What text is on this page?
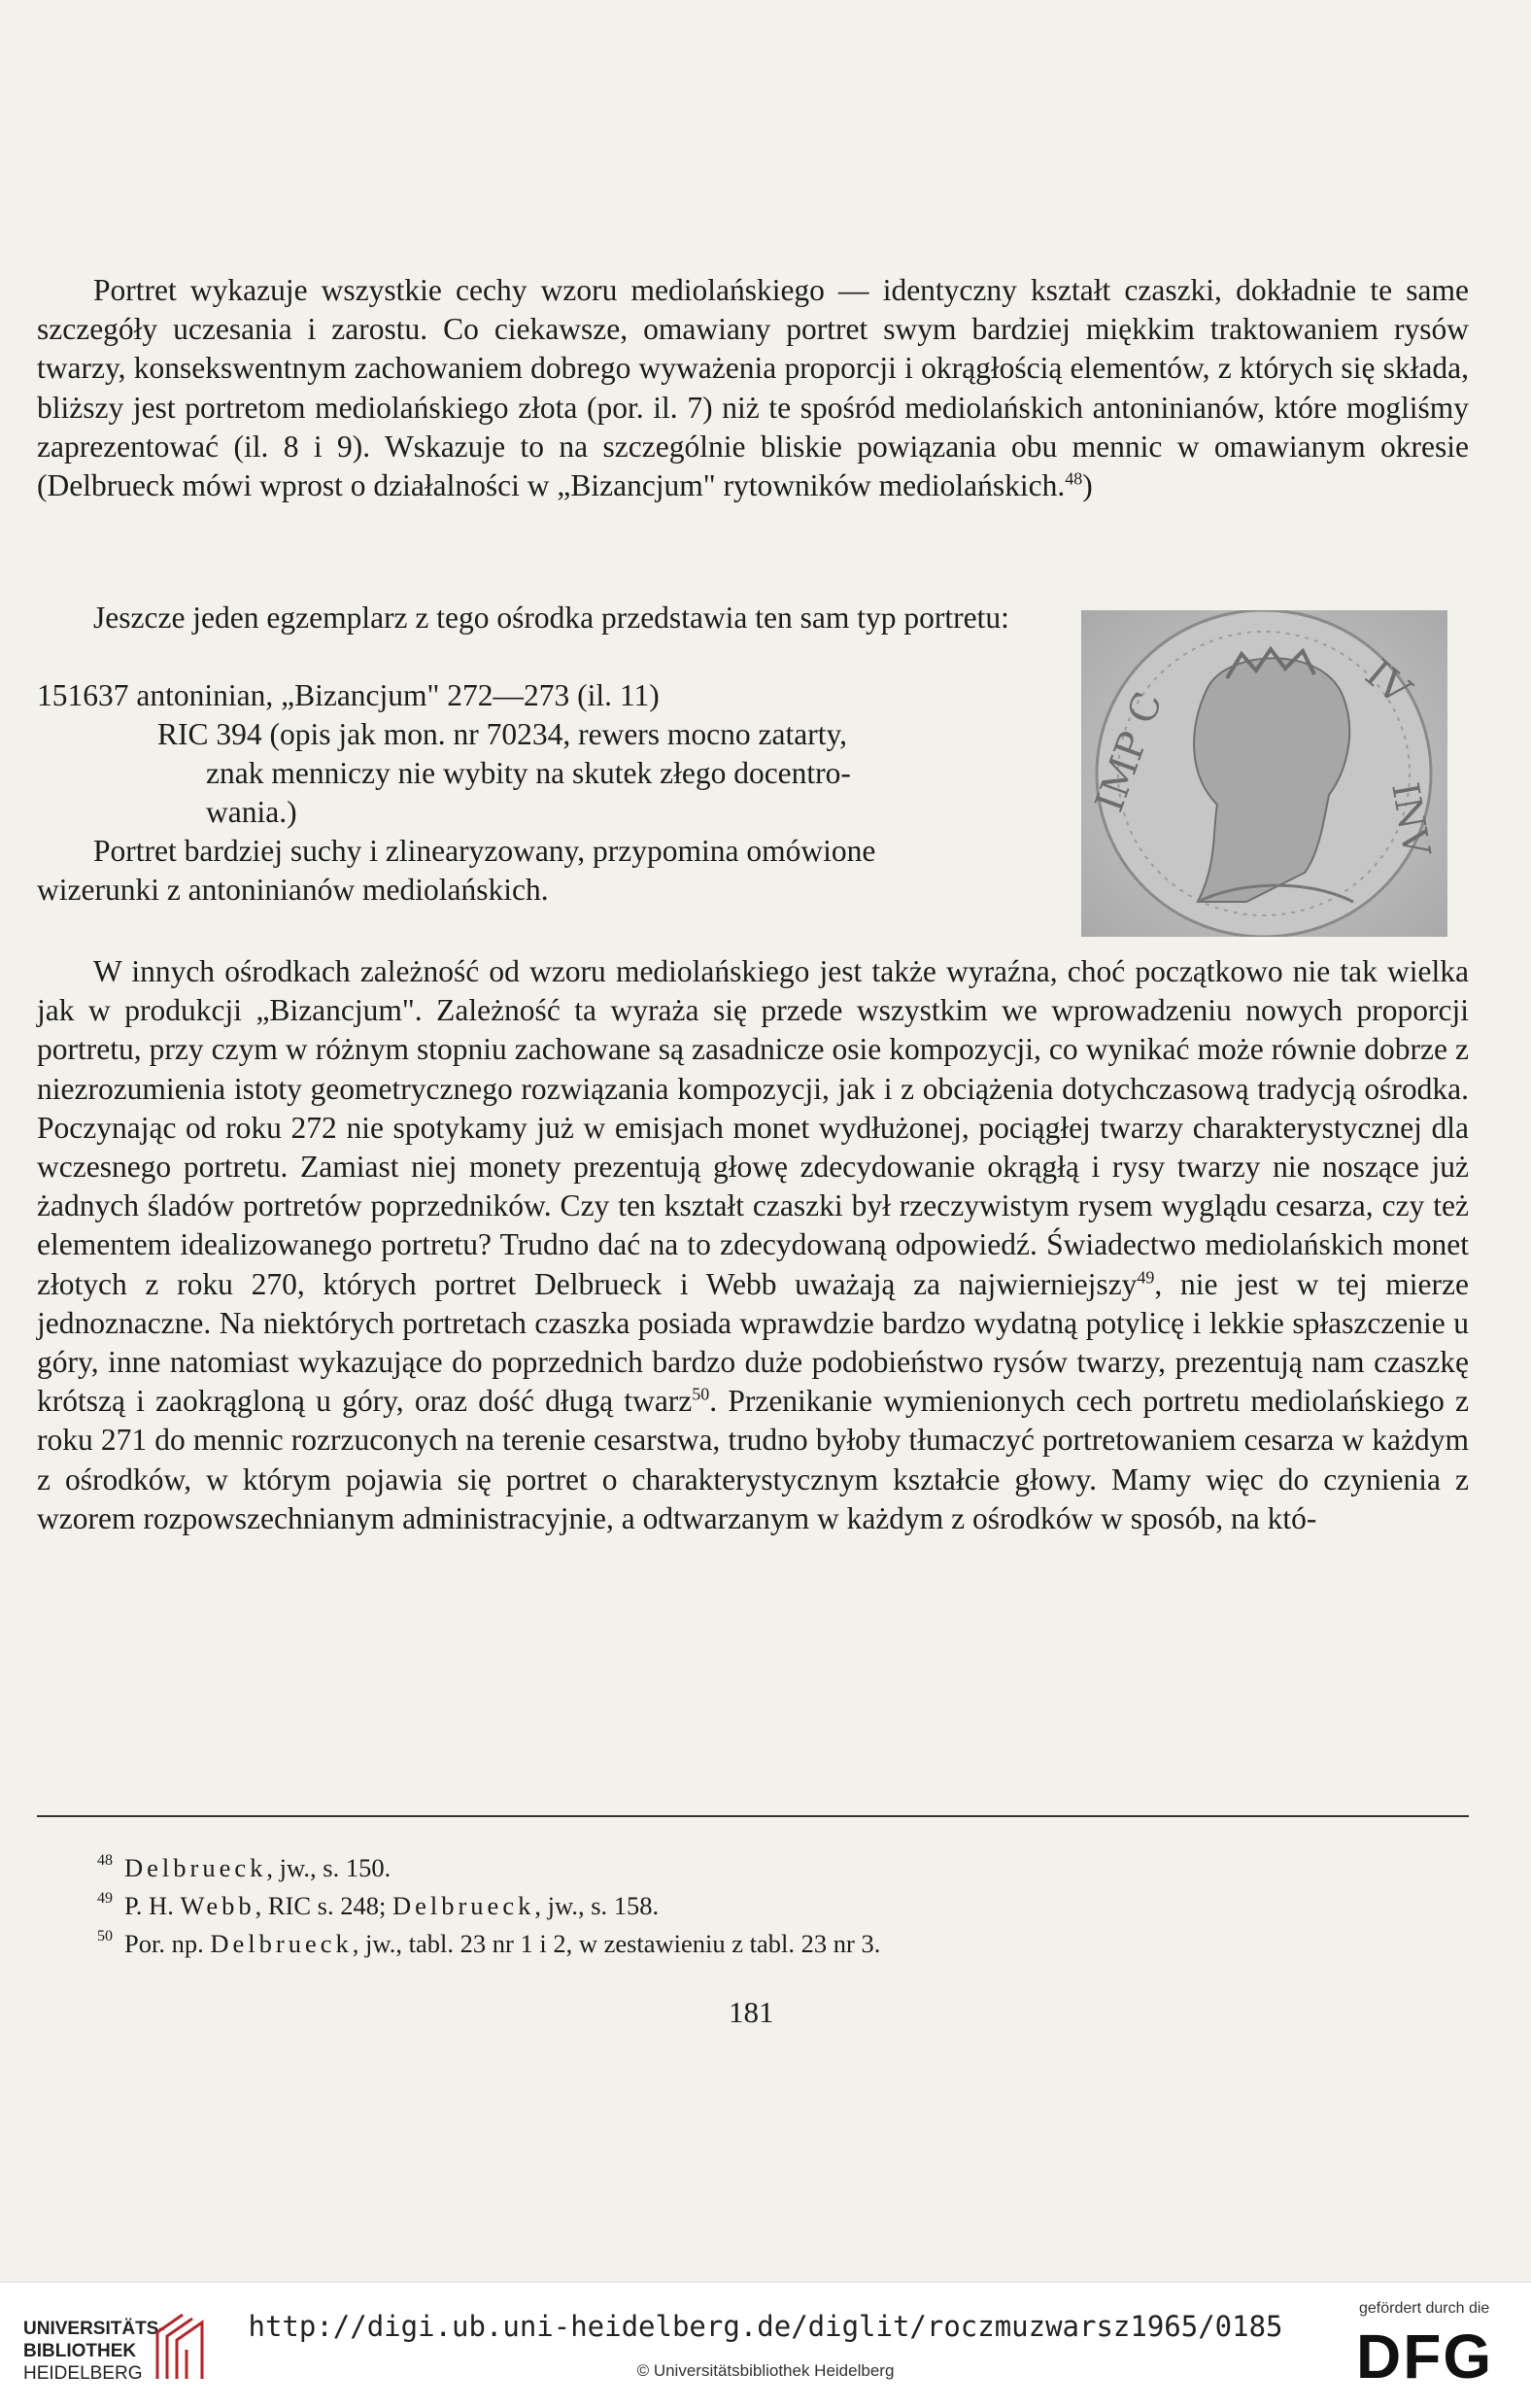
Portret wykazuje wszystkie cechy wzoru mediolańskiego — identyczny kształt czaszki, dokładnie te same szczegóły uczesania i zarostu. Co ciekawsze, omawiany portret swym bardziej miękkim traktowaniem rysów twarzy, konsekswentnym zachowaniem dobrego wyważenia proporcji i okrągłością elementów, z których się składa, bliższy jest portretom mediolańskiego złota (por. il. 7) niż te spośród mediolańskich antoninianów, które mogliśmy zaprezentować (il. 8 i 9). Wskazuje to na szczególnie bliskie powiązania obu mennic w omawianym okresie (Delbrueck mówi wprost o działalności w „Bizancjum" rytowników mediolańskich.$^{48}$)

Jeszcze jeden egzemplarz z tego ośrodka przedstawia ten sam typ portretu:

151637 antoninian, „Bizancjum" 272—273 (il. 11)
RIC 394 (opis jak mon. nr 70234, rewers mocno zatarty,
znak menniczy nie wybity na skutek złego docentro-
wania.)
Portret bardziej suchy i zlinearyzowany, przypomina omówione
wizerunki z antoninianów mediolańskich.
IMP C
IV
INV

W innych ośrodkach zależność od wzoru mediolańskiego jest także wyraźna, choć początkowo nie tak wielka jak w produkcji „Bizancjum". Zależność ta wyraża się przede wszystkim we wprowadzeniu nowych proporcji portretu, przy czym w różnym stopniu zachowane są zasadnicze osie kompozycji, co wynikać może równie dobrze z niezrozumienia istoty geometrycznego rozwiązania kompozycji, jak i z obciążenia dotychczasową tradycją ośrodka. Poczynając od roku 272 nie spotykamy już w emisjach monet wydłużonej, pociągłej twarzy charakterystycznej dla wczesnego portretu. Zamiast niej monety prezentują głowę zdecydowanie okrągłą i rysy twarzy nie noszące już żadnych śladów portretów poprzedników. Czy ten kształt czaszki był rzeczywistym rysem wyglądu cesarza, czy też elementem idealizowanego portretu? Trudno dać na to zdecydowaną odpowiedź. Świadectwo mediolańskich monet złotych z roku 270, których portret Delbrueck i Webb uważają za najwierniejszy$^{49}$, nie jest w tej mierze jednoznaczne. Na niektórych portretach czaszka posiada wprawdzie bardzo wydatną potylicę i lekkie spłaszczenie u góry, inne natomiast wykazujące do poprzednich bardzo duże podobieństwo rysów twarzy, prezentują nam czaszkę krótszą i zaokrągloną u góry, oraz dość długą twarz$^{50}$. Przenikanie wymienionych cech portretu mediolańskiego z roku 271 do mennic rozrzuconych na terenie cesarstwa, trudno byłoby tłumaczyć portretowaniem cesarza w każdym z ośrodków, w którym pojawia się portret o charakterystycznym kształcie głowy. Mamy więc do czynienia z wzorem rozpowszechnianym administracyjnie, a odtwarzanym w każdym z ośrodków w sposób, na któ-

$^{48}$ Delbrueck, jw., s. 150.
$^{49}$ P. H. Webb, RIC s. 248; Delbrueck, jw., s. 158.
$^{50}$ Por. np. Delbrueck, jw., tabl. 23 nr 1 i 2, w zestawieniu z tabl. 23 nr 3.
181
UNIVERSITÄTS-
BIBLIOTHEK
HEIDELBERG
http://digi.ub.uni-heidelberg.de/diglit/roczmuzwarsz1965/0185
© Universitätsbibliothek Heidelberg
gefördert durch die
DFG
